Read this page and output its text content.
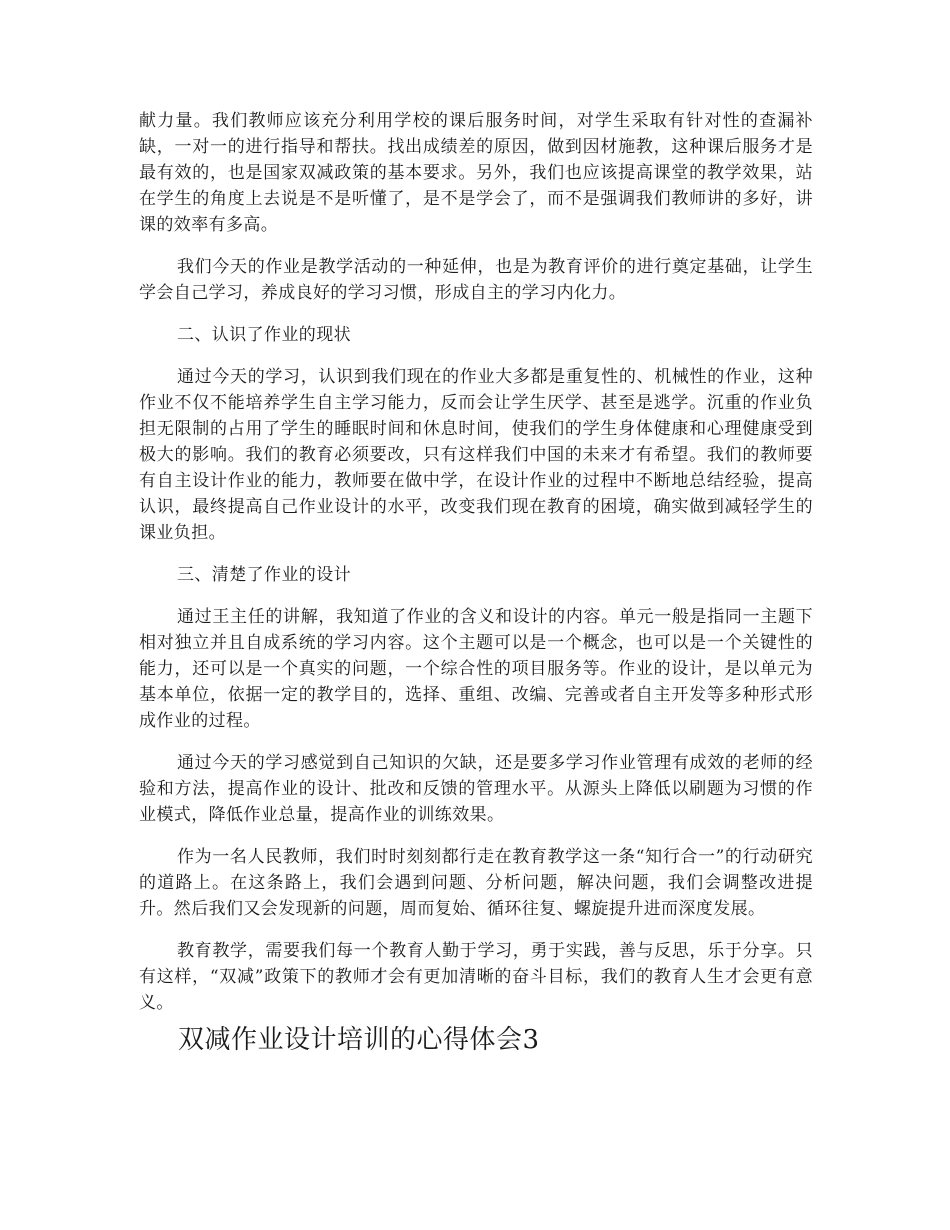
献力量。我们教师应该充分利用学校的课后服务时间，对学生采取有针对性的查漏补缺，一对一的进行指导和帮扶。找出成绩差的原因，做到因材施教，这种课后服务才是最有效的，也是国家双减政策的基本要求。另外，我们也应该提高课堂的教学效果，站在学生的角度上去说是不是听懂了，是不是学会了，而不是强调我们教师讲的多好，讲课的效率有多高。

我们今天的作业是教学活动的一种延伸，也是为教育评价的进行奠定基础，让学生学会自己学习，养成良好的学习习惯，形成自主的学习内化力。

二、认识了作业的现状

通过今天的学习，认识到我们现在的作业大多都是重复性的、机械性的作业，这种作业不仅不能培养学生自主学习能力，反而会让学生厌学、甚至是逃学。沉重的作业负担无限制的占用了学生的睡眠时间和休息时间，使我们的学生身体健康和心理健康受到极大的影响。我们的教育必须要改，只有这样我们中国的未来才有希望。我们的教师要有自主设计作业的能力，教师要在做中学，在设计作业的过程中不断地总结经验，提高认识，最终提高自己作业设计的水平，改变我们现在教育的困境，确实做到减轻学生的课业负担。

三、清楚了作业的设计

通过王主任的讲解，我知道了作业的含义和设计的内容。单元一般是指同一主题下相对独立并且自成系统的学习内容。这个主题可以是一个概念，也可以是一个关键性的能力，还可以是一个真实的问题，一个综合性的项目服务等。作业的设计，是以单元为基本单位，依据一定的教学目的，选择、重组、改编、完善或者自主开发等多种形式形成作业的过程。

通过今天的学习感觉到自己知识的欠缺，还是要多学习作业管理有成效的老师的经验和方法，提高作业的设计、批改和反馈的管理水平。从源头上降低以刷题为习惯的作业模式，降低作业总量，提高作业的训练效果。

作为一名人民教师，我们时时刻刻都行走在教育教学这一条“知行合一”的行动研究的道路上。在这条路上，我们会遇到问题、分析问题，解决问题，我们会调整改进提升。然后我们又会发现新的问题，周而复始、循环往复、螺旋提升进而深度发展。

教育教学，需要我们每一个教育人勤于学习，勇于实践，善与反思，乐于分享。只有这样，“双减”政策下的教师才会有更加清晰的奋斗目标，我们的教育人生才会更有意义。

双减作业设计培训的心得体会3
